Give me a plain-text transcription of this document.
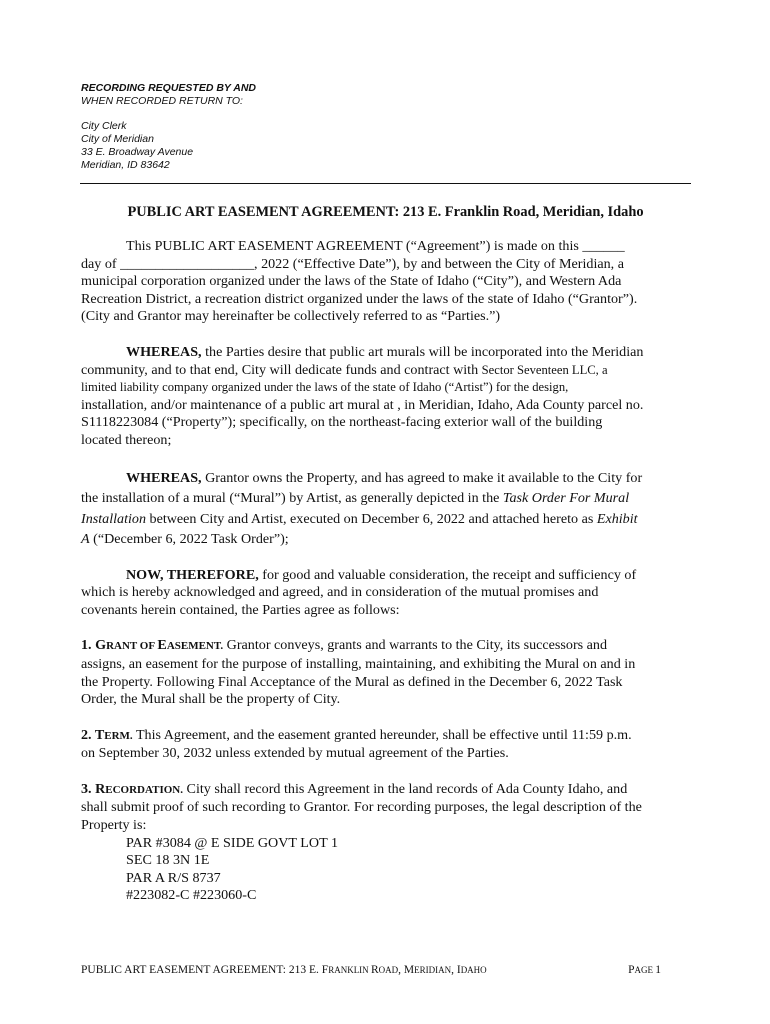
RECORDING REQUESTED BY AND
WHEN RECORDED RETURN TO:
City Clerk
City of Meridian
33 E. Broadway Avenue
Meridian, ID 83642
PUBLIC ART EASEMENT AGREEMENT: 213 E. Franklin Road, Meridian, Idaho

This PUBLIC ART EASEMENT AGREEMENT (“Agreement”) is made on this ______
day of ___________________, 2022 (“Effective Date”), by and between the City of Meridian, a
municipal corporation organized under the laws of the State of Idaho (“City”), and Western Ada
Recreation District, a recreation district organized under the laws of the state of Idaho (“Grantor”).
(City and Grantor may hereinafter be collectively referred to as “Parties.”)

WHEREAS, the Parties desire that public art murals will be incorporated into the Meridian
community, and to that end, City will dedicate funds and contract with Sector Seventeen LLC, a
limited liability company organized under the laws of the state of Idaho (“Artist”) for the design,
installation, and/or maintenance of a public art mural at , in Meridian, Idaho, Ada County parcel no.
S1118223084 (“Property”); specifically, on the northeast-facing exterior wall of the building
located thereon;

WHEREAS, Grantor owns the Property, and has agreed to make it available to the City for
the installation of a mural (“Mural”) by Artist, as generally depicted in the Task Order For Mural
Installation between City and Artist, executed on December 6, 2022 and attached hereto as Exhibit
A (“December 6, 2022 Task Order”);

NOW, THEREFORE, for good and valuable consideration, the receipt and sufficiency of
which is hereby acknowledged and agreed, and in consideration of the mutual promises and
covenants herein contained, the Parties agree as follows:

1. GRANT OF EASEMENT. Grantor conveys, grants and warrants to the City, its successors and
assigns, an easement for the purpose of installing, maintaining, and exhibiting the Mural on and in
the Property. Following Final Acceptance of the Mural as defined in the December 6, 2022 Task
Order, the Mural shall be the property of City.

2. TERM. This Agreement, and the easement granted hereunder, shall be effective until 11:59 p.m.
on September 30, 2032 unless extended by mutual agreement of the Parties.

3. RECORDATION. City shall record this Agreement in the land records of Ada County Idaho, and
shall submit proof of such recording to Grantor. For recording purposes, the legal description of the
Property is:

PAR #3084 @ E SIDE GOVT LOT 1
SEC 18 3N 1E
PAR A R/S 8737
#223082-C #223060-C

PUBLIC ART EASEMENT AGREEMENT: 213 E. FRANKLIN ROAD, MERIDIAN, IDAHO	PAGE 1
